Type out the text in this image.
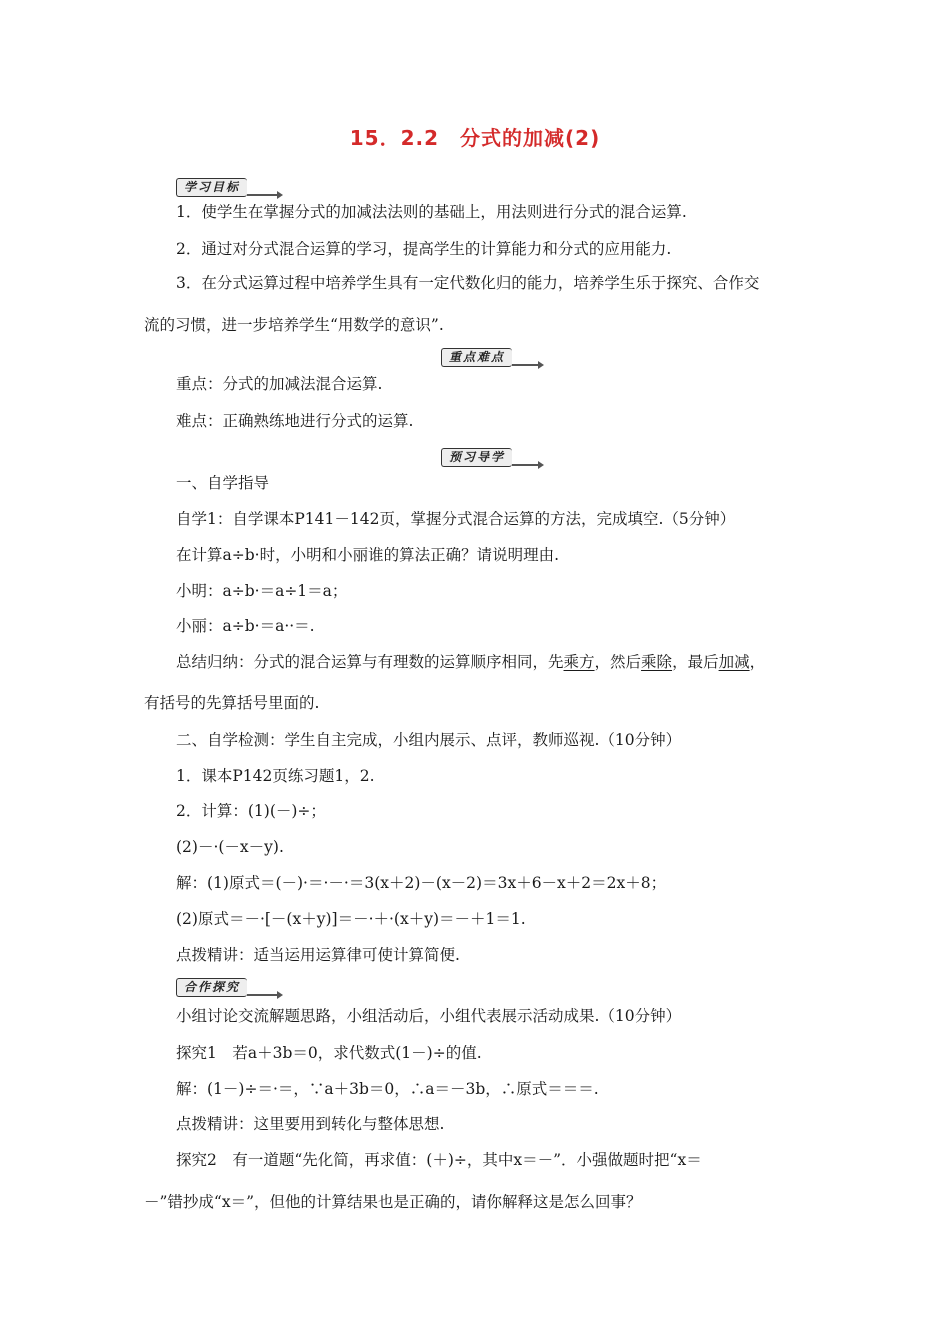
15．2.2　分式的加减(2)
学习目标
1．使学生在掌握分式的加减法法则的基础上，用法则进行分式的混合运算.
2．通过对分式混合运算的学习，提高学生的计算能力和分式的应用能力.
3．在分式运算过程中培养学生具有一定代数化归的能力，培养学生乐于探究、合作交
流的习惯，进一步培养学生“用数学的意识”.
重点难点
重点：分式的加减法混合运算.
难点：正确熟练地进行分式的运算.
预习导学
一、自学指导
自学1：自学课本P141－142页，掌握分式混合运算的方法，完成填空.（5分钟）
在计算a÷b·时，小明和小丽谁的算法正确？请说明理由.
小明：a÷b·＝a÷1＝a；
小丽：a÷b·＝a··＝.
总结归纳：分式的混合运算与有理数的运算顺序相同，先乘方，然后乘除，最后加减，
有括号的先算括号里面的.
二、自学检测：学生自主完成，小组内展示、点评，教师巡视.（10分钟）
1．课本P142页练习题1，2.
2．计算：(1)(－)÷；
(2)－·(－x－y).
解：(1)原式＝(－)·＝·－·＝3(x＋2)－(x－2)＝3x＋6－x＋2＝2x＋8；
(2)原式＝－·[－(x＋y)]＝－·＋·(x＋y)＝－＋1＝1.
点拨精讲：适当运用运算律可使计算简便.
合作探究
小组讨论交流解题思路，小组活动后，小组代表展示活动成果.（10分钟）
探究1　若a＋3b＝0，求代数式(1－)÷的值.
解：(1－)÷＝·＝，∵a＋3b＝0，∴a＝－3b，∴原式＝＝＝.
点拨精讲：这里要用到转化与整体思想.
探究2　有一道题“先化简，再求值：(＋)÷，其中x＝－”．小强做题时把“x＝
－”错抄成“x＝”，但他的计算结果也是正确的，请你解释这是怎么回事？
